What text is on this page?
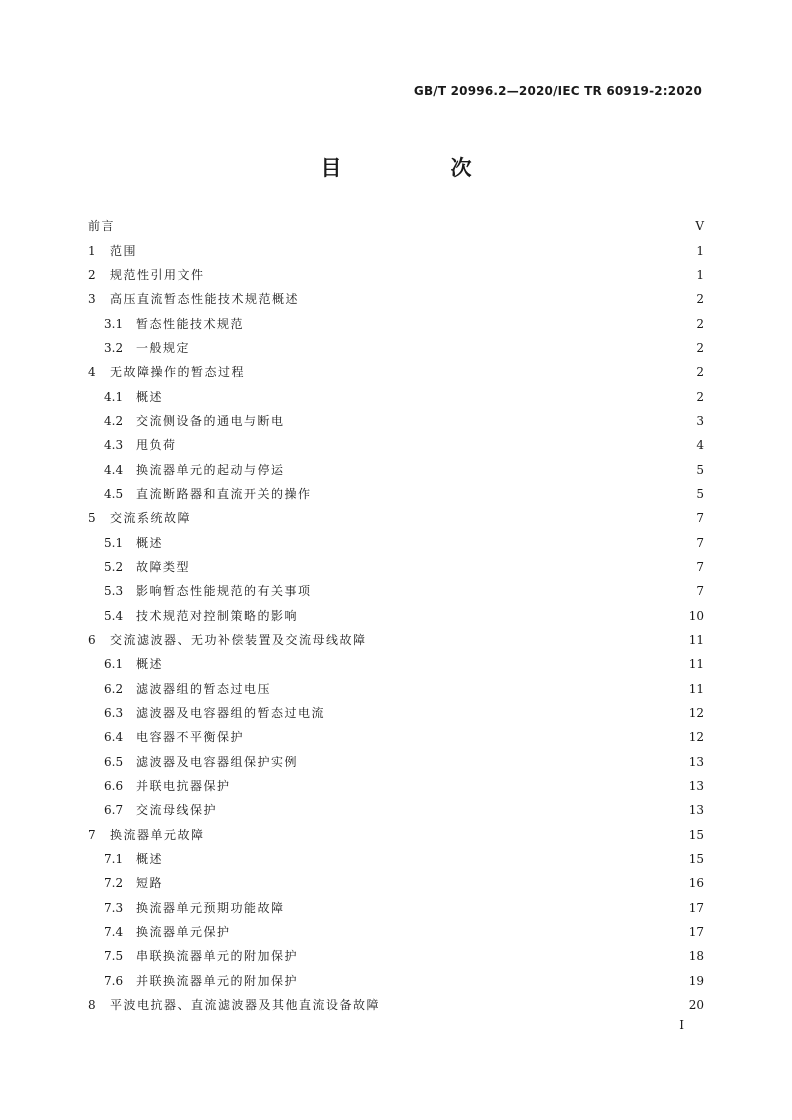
GB/T 20996.2—2020/IEC TR 60919-2:2020
目　次
前言	V
1	范围	1
2	规范性引用文件	1
3	高压直流暂态性能技术规范概述	2
3.1	暂态性能技术规范	2
3.2	一般规定	2
4	无故障操作的暂态过程	2
4.1	概述	2
4.2	交流侧设备的通电与断电	3
4.3	甩负荷	4
4.4	换流器单元的起动与停运	5
4.5	直流断路器和直流开关的操作	5
5	交流系统故障	7
5.1	概述	7
5.2	故障类型	7
5.3	影响暂态性能规范的有关事项	7
5.4	技术规范对控制策略的影响	10
6	交流滤波器、无功补偿装置及交流母线故障	11
6.1	概述	11
6.2	滤波器组的暂态过电压	11
6.3	滤波器及电容器组的暂态过电流	12
6.4	电容器不平衡保护	12
6.5	滤波器及电容器组保护实例	13
6.6	并联电抗器保护	13
6.7	交流母线保护	13
7	换流器单元故障	15
7.1	概述	15
7.2	短路	16
7.3	换流器单元预期功能故障	17
7.4	换流器单元保护	17
7.5	串联换流器单元的附加保护	18
7.6	并联换流器单元的附加保护	19
8	平波电抗器、直流滤波器及其他直流设备故障	20
I
